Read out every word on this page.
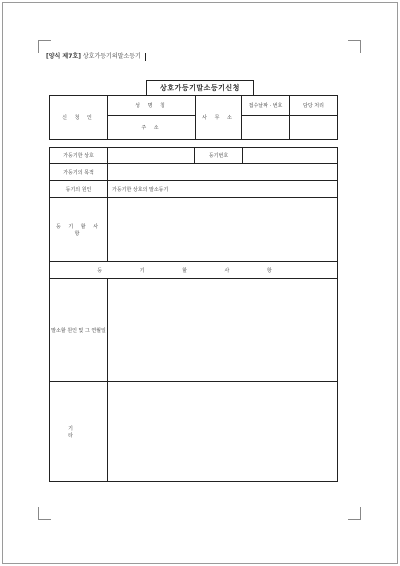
[양식 제7호] 상호가등기의말소등기
상호가등기말소등기신청
신 청 인	성 명 칭	사 무 소	접수날짜 · 번호	담당 처리
	주 소			
가등기한 상호		등기번호	
가등기의 목적			
등기의 원인	가등기한 상호의 말소등기		
등 기 할 사 항			
등 기 할 사 항			
말소할 원인 및 그 연월일			
기 타			
